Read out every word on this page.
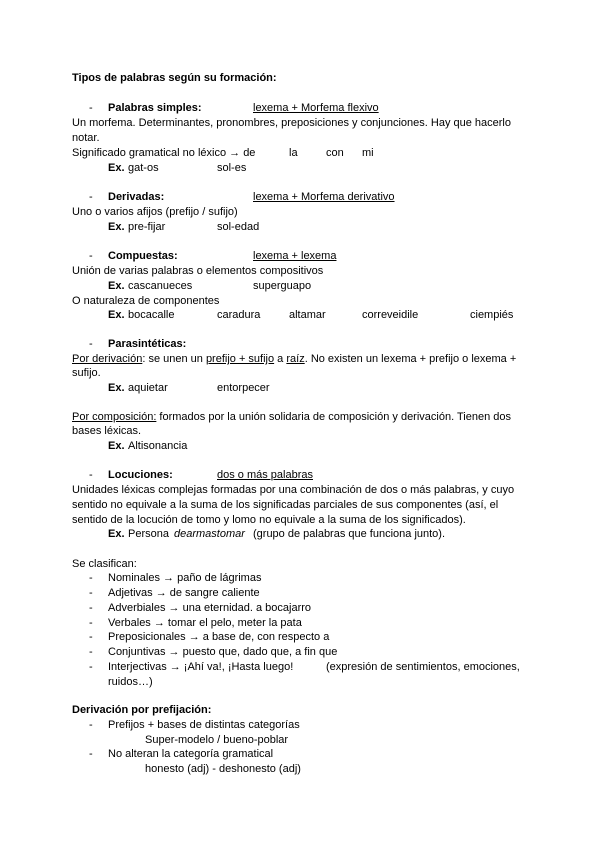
Tipos de palabras según su formación:
- Palabras simples:	lexema + Morfema flexivo
Un morfema. Determinantes, pronombres, preposiciones y conjunciones. Hay que hacerlo
notar.
Significado gramatical no léxico → de	la	con mi
Ex. gat-os	sol-es
- Derivadas:	lexema + Morfema derivativo
Uno o varios afijos (prefijo / sufijo)
Ex. pre-fijar	sol-edad
- Compuestas:	lexema + lexema
Unión de varias palabras o elementos compositivos
Ex. cascanueces	superguapo
O naturaleza de componentes
Ex. bocacalle	caradura	altamar	correveidile	ciempiés
- Parasintéticas:
Por derivación: se unen un prefijo + sufijo a raíz. No existen un lexema + prefijo o lexema +
sufijo.
Ex. aquietar	entorpecer
Por composición: formados por la unión solidaria de composición y derivación. Tienen dos
bases léxicas.
Ex. Altisonancia
- Locuciones:	dos o más palabras
Unidades léxicas complejas formadas por una combinación de dos o más palabras, y cuyo
sentido no equivale a la suma de los significadas parciales de sus componentes (así, el
sentido de la locución de tomo y lomo no equivale a la suma de los significados).
Ex. Persona dearmastomar (grupo de palabras que funciona junto).
Se clasifican:
- Nominales → paño de lágrimas
- Adjetivas → de sangre caliente
- Adverbiales → una eternidad. a bocajarro
- Verbales → tomar el pelo, meter la pata
- Preposicionales → a base de, con respecto a
- Conjuntivas → puesto que, dado que, a fin que
- Interjectivas → ¡Ahí va!, ¡Hasta luego!	(expresión de sentimientos, emociones,
ruidos…)
Derivación por prefijación:
- Prefijos + bases de distintas categorías
Super-modelo / bueno-poblar
- No alteran la categoría gramatical
honesto (adj) - deshonesto (adj)
